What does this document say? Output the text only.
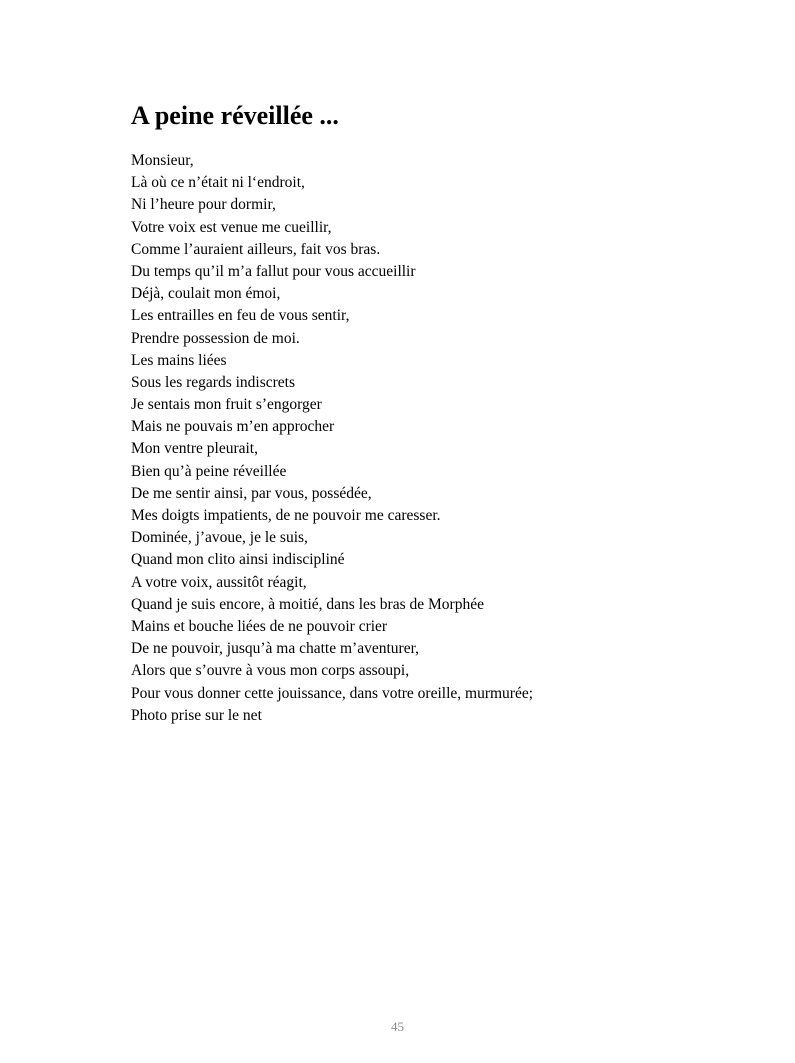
A peine réveillée ...
Monsieur,
Là où ce n’était ni l‘endroit,
Ni l’heure pour dormir,
Votre voix est venue me cueillir,
Comme l’auraient ailleurs, fait vos bras.
Du temps qu’il m’a fallut pour vous accueillir
Déjà, coulait mon émoi,
Les entrailles en feu de vous sentir,
Prendre possession de moi.
Les mains liées
Sous les regards indiscrets
Je sentais mon fruit s’engorger
Mais ne pouvais m’en approcher
Mon ventre pleurait,
Bien qu’à peine réveillée
De me sentir ainsi, par vous, possédée,
Mes doigts impatients, de ne pouvoir me caresser.
Dominée, j’avoue, je le suis,
Quand mon clito ainsi indiscipliné
A votre voix, aussitôt réagit,
Quand je suis encore, à moitié, dans les bras de Morphée
Mains et bouche liées de ne pouvoir crier
De ne pouvoir, jusqu’à ma chatte m’aventurer,
Alors que s’ouvre à vous mon corps assoupi,
Pour vous donner cette jouissance, dans votre oreille, murmurée;
Photo prise sur le net
45
